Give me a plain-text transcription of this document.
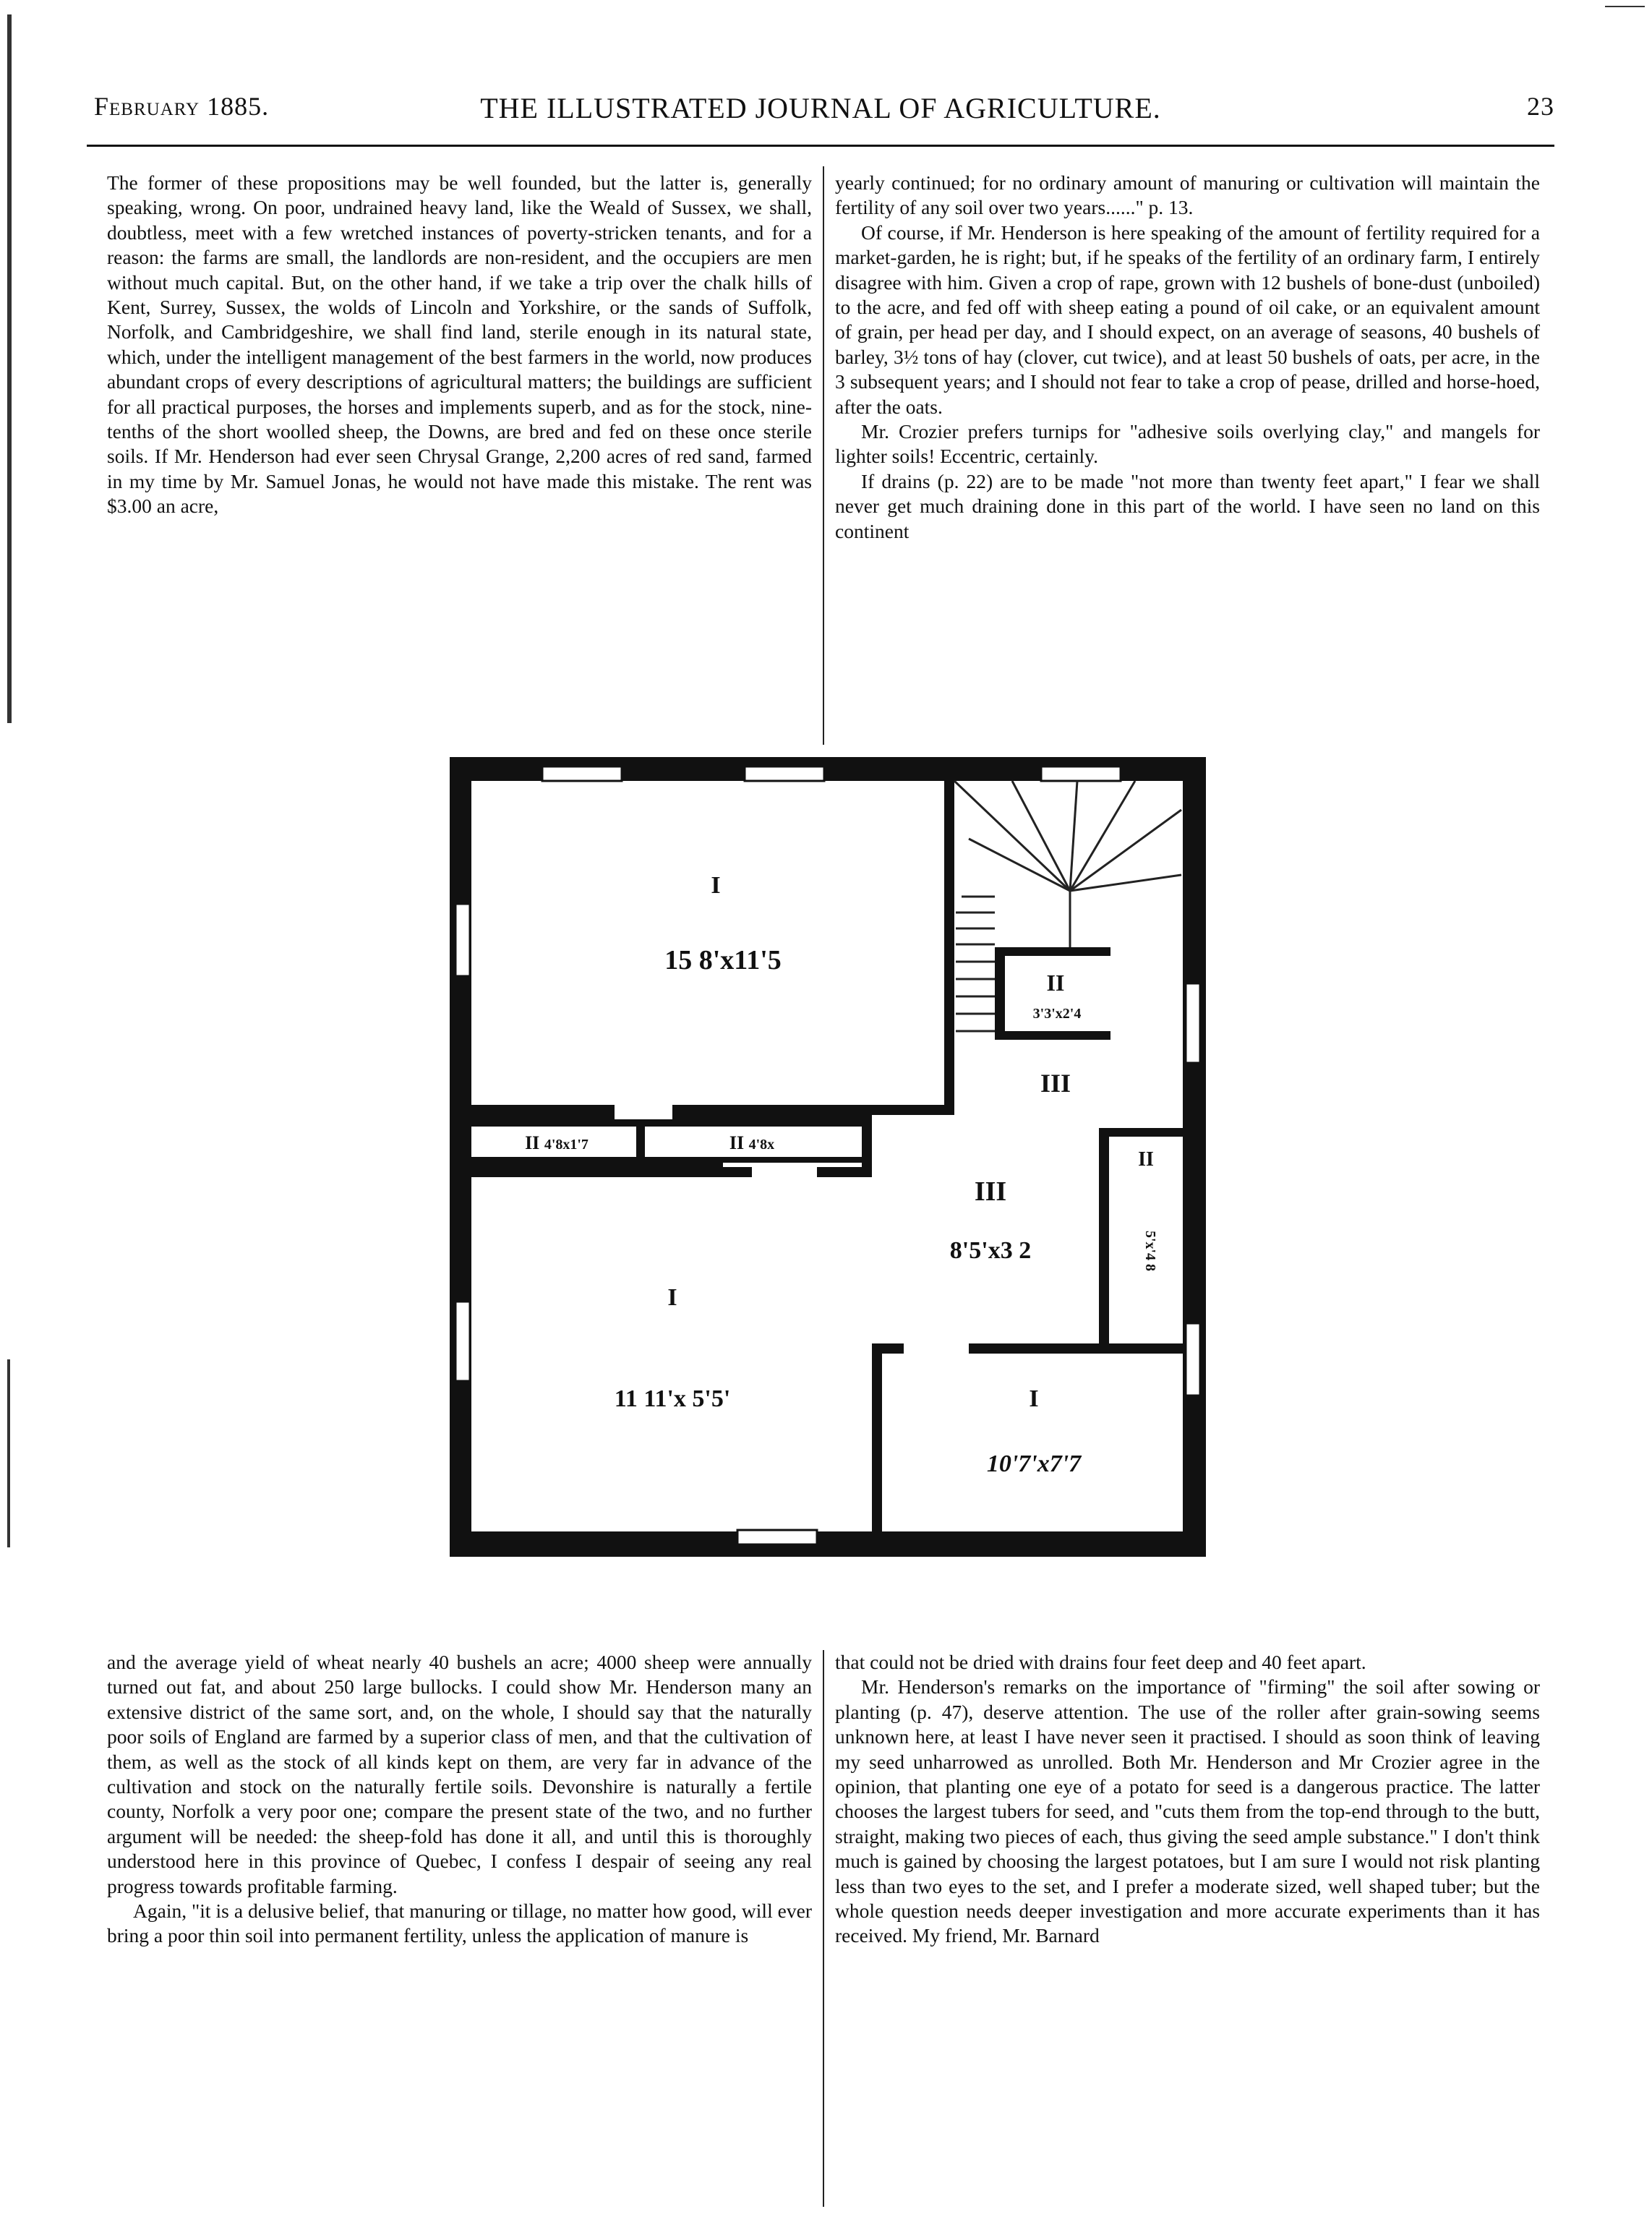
February 1885.	THE ILLUSTRATED JOURNAL OF AGRICULTURE.	23

The former of these propositions may be well founded, but the latter is, generally speaking, wrong. On poor, undrained heavy land, like the Weald of Sussex, we shall, doubtless, meet with a few wretched instances of poverty-stricken tenants, and for a reason: the farms are small, the landlords are non-resident, and the occupiers are men without much capital. But, on the other hand, if we take a trip over the chalk hills of Kent, Surrey, Sussex, the wolds of Lincoln and Yorkshire, or the sands of Suffolk, Norfolk, and Cambridgeshire, we shall find land, sterile enough in its natural state, which, under the intelligent management of the best farmers in the world, now produces abundant crops of every descriptions of agricultural matters; the buildings are sufficient for all practical purposes, the horses and implements superb, and as for the stock, nine-tenths of the short woolled sheep, the Downs, are bred and fed on these once sterile soils. If Mr. Henderson had ever seen Chrysal Grange, 2,200 acres of red sand, farmed in my time by Mr. Samuel Jonas, he would not have made this mistake. The rent was $3.00 an acre,

yearly continued; for no ordinary amount of manuring or cultivation will maintain the fertility of any soil over two years......" p. 13.

Of course, if Mr. Henderson is here speaking of the amount of fertility required for a market-garden, he is right; but, if he speaks of the fertility of an ordinary farm, I entirely disagree with him. Given a crop of rape, grown with 12 bushels of bone-dust (unboiled) to the acre, and fed off with sheep eating a pound of oil cake, or an equivalent amount of grain, per head per day, and I should expect, on an average of seasons, 40 bushels of barley, 3½ tons of hay (clover, cut twice), and at least 50 bushels of oats, per acre, in the 3 subsequent years; and I should not fear to take a crop of pease, drilled and horse-hoed, after the oats.

Mr. Crozier prefers turnips for "adhesive soils overlying clay," and mangels for lighter soils! Eccentric, certainly.

If drains (p. 22) are to be made "not more than twenty feet apart," I fear we shall never get much draining done in this part of the world. I have seen no land on this continent

I
15 8'x11'5
I
11 11'x 5'5'
II 4'8x1'7	II 4'8x
II
3'3'x2'4
II
5'x'4 8
III
III
8'5'x3 2
I
10'7'x7'7

and the average yield of wheat nearly 40 bushels an acre; 4000 sheep were annually turned out fat, and about 250 large bullocks. I could show Mr. Henderson many an extensive district of the same sort, and, on the whole, I should say that the naturally poor soils of England are farmed by a superior class of men, and that the cultivation of them, as well as the stock of all kinds kept on them, are very far in advance of the cultivation and stock on the naturally fertile soils. Devonshire is naturally a fertile county, Norfolk a very poor one; compare the present state of the two, and no further argument will be needed: the sheep-fold has done it all, and until this is thoroughly understood here in this province of Quebec, I confess I despair of seeing any real progress towards profitable farming.

Again, "it is a delusive belief, that manuring or tillage, no matter how good, will ever bring a poor thin soil into permanent fertility, unless the application of manure is

that could not be dried with drains four feet deep and 40 feet apart.

Mr. Henderson's remarks on the importance of "firming" the soil after sowing or planting (p. 47), deserve attention. The use of the roller after grain-sowing seems unknown here, at least I have never seen it practised. I should as soon think of leaving my seed unharrowed as unrolled. Both Mr. Henderson and Mr Crozier agree in the opinion, that planting one eye of a potato for seed is a dangerous practice. The latter chooses the largest tubers for seed, and "cuts them from the top-end through to the butt, straight, making two pieces of each, thus giving the seed ample substance." I don't think much is gained by choosing the largest potatoes, but I am sure I would not risk planting less than two eyes to the set, and I prefer a moderate sized, well shaped tuber; but the whole question needs deeper investigation and more accurate experiments than it has received. My friend, Mr. Barnard
